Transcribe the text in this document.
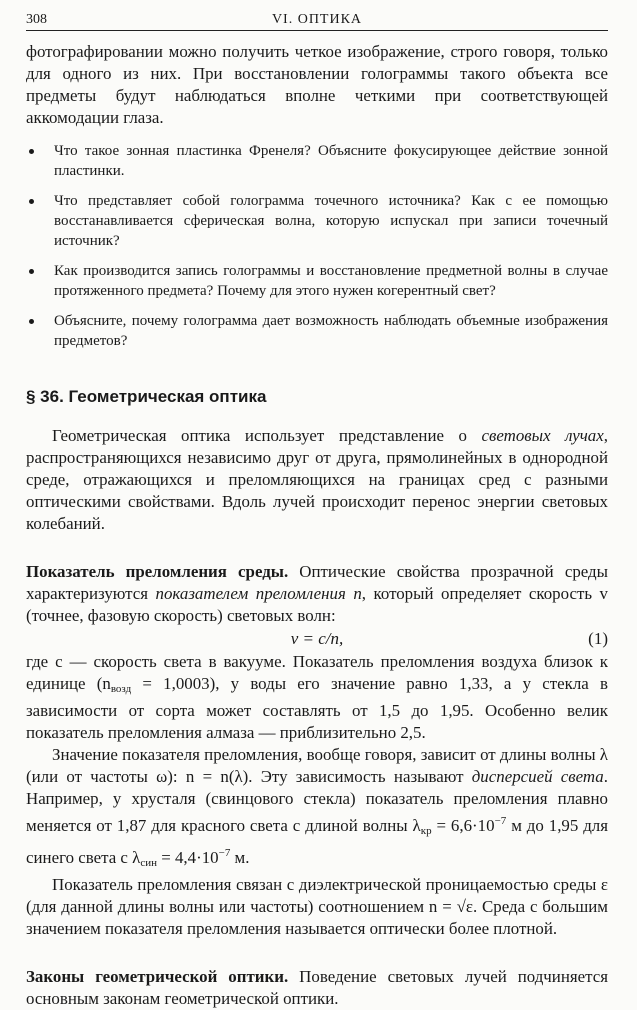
308	VI. ОПТИКА

фотографировании можно получить четкое изображение, строго говоря, только для одного из них. При восстановлении голограммы такого объекта все предметы будут наблюдаться вполне четкими при соответствующей аккомодации глаза.

Что такое зонная пластинка Френеля? Объясните фокусирующее действие зонной пластинки.
Что представляет собой голограмма точечного источника? Как с ее помощью восстанавливается сферическая волна, которую испускал при записи точечный источник?
Как производится запись голограммы и восстановление предметной волны в случае протяженного предмета? Почему для этого нужен когерентный свет?
Объясните, почему голограмма дает возможность наблюдать объемные изображения предметов?
§ 36. Геометрическая оптика

Геометрическая оптика использует представление о световых лучах, распространяющихся независимо друг от друга, прямолинейных в однородной среде, отражающихся и преломляющихся на границах сред с разными оптическими свойствами. Вдоль лучей происходит перенос энергии световых колебаний.

Показатель преломления среды. Оптические свойства прозрачной среды характеризуются показателем преломления n, который определяет скорость v (точнее, фазовую скорость) световых волн:

v = c/n,	(1)

где c — скорость света в вакууме. Показатель преломления воздуха близок к единице $(n_{возд} = 1,0003)$, у воды его значение равно 1,33, а у стекла в зависимости от сорта может составлять от 1,5 до 1,95. Особенно велик показатель преломления алмаза — приблизительно 2,5.

Значение показателя преломления, вообще говоря, зависит от длины волны λ (или от частоты ω): n = n(λ). Эту зависимость называют дисперсией света. Например, у хрусталя (свинцового стекла) показатель преломления плавно меняется от 1,87 для красного света с длиной волны $\lambda_{кр} = 6,6\cdot 10^{-7}$ м до 1,95 для синего света с $\lambda_{син} = 4,4\cdot 10^{-7}$ м.

Показатель преломления связан с диэлектрической проницаемостью среды ε (для данной длины волны или частоты) соотношением n = √ε. Среда с большим значением показателя преломления называется оптически более плотной.

Законы геометрической оптики. Поведение световых лучей подчиняется основным законам геометрической оптики.
